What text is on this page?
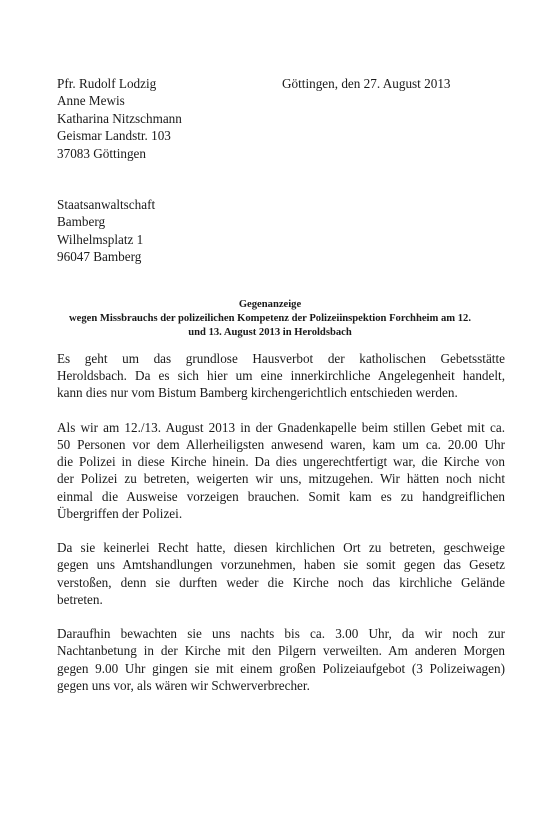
Pfr. Rudolf Lodzig
Anne Mewis
Katharina Nitzschmann
Geismar Landstr. 103
37083 Göttingen
Göttingen, den 27. August 2013
Staatsanwaltschaft
Bamberg
Wilhelmsplatz 1
96047 Bamberg
Gegenanzeige
wegen Missbrauchs der polizeilichen Kompetenz der Polizeiinspektion Forchheim am 12.
und 13. August 2013 in Heroldsbach

Es geht um das grundlose Hausverbot der katholischen Gebetsstätte
Heroldsbach. Da es sich hier um eine innerkirchliche Angelegenheit handelt,
kann dies nur vom Bistum Bamberg kirchengerichtlich entschieden werden.

Als wir am 12./13. August 2013 in der Gnadenkapelle beim stillen Gebet mit ca.
50 Personen vor dem Allerheiligsten anwesend waren, kam um ca. 20.00 Uhr
die Polizei in diese Kirche hinein. Da dies ungerechtfertigt war, die Kirche von
der Polizei zu betreten, weigerten wir uns, mitzugehen. Wir hätten noch nicht
einmal die Ausweise vorzeigen brauchen. Somit kam es zu handgreiflichen
Übergriffen der Polizei.

Da sie keinerlei Recht hatte, diesen kirchlichen Ort zu betreten, geschweige
gegen uns Amtshandlungen vorzunehmen, haben sie somit gegen das Gesetz
verstoßen, denn sie durften weder die Kirche noch das kirchliche Gelände
betreten.

Daraufhin bewachten sie uns nachts bis ca. 3.00 Uhr, da wir noch zur
Nachtanbetung in der Kirche mit den Pilgern verweilten. Am anderen Morgen
gegen 9.00 Uhr gingen sie mit einem großen Polizeiaufgebot (3 Polizeiwagen)
gegen uns vor, als wären wir Schwerverbrecher.
